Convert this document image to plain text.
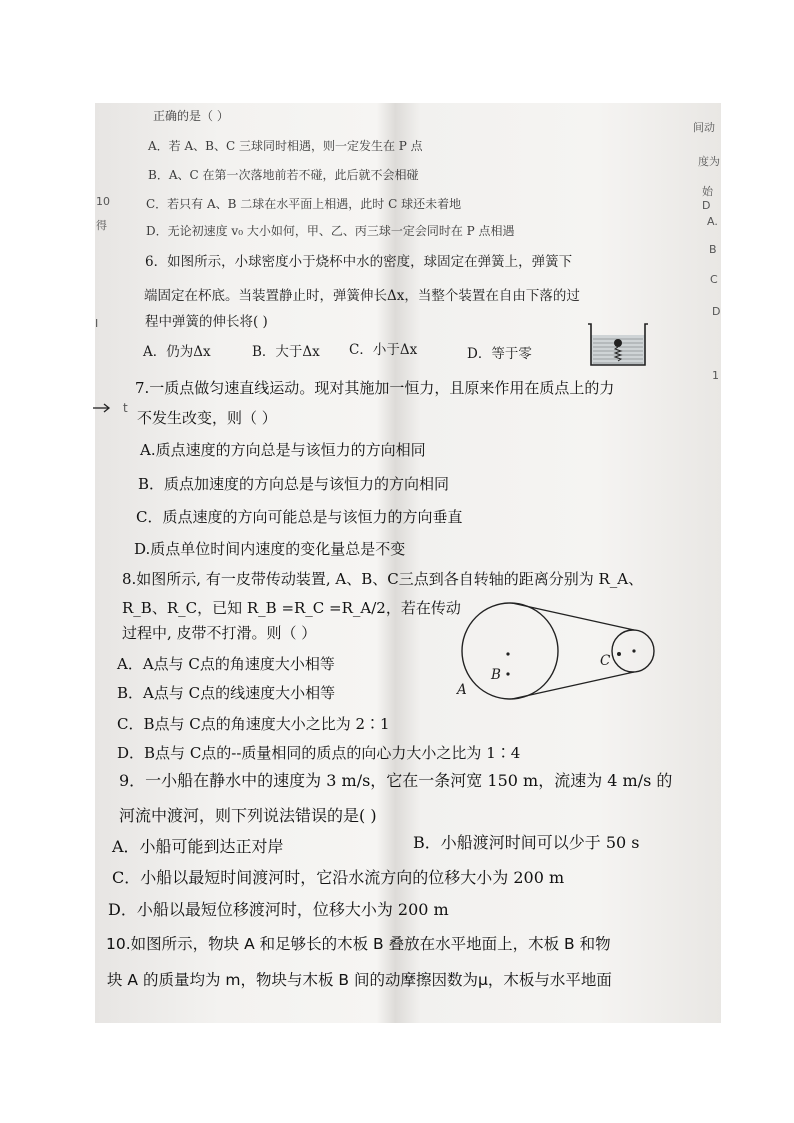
正确的是（ ）
A．若 A、B、C 三球同时相遇，则一定发生在 P 点
B．A、C 在第一次落地前若不碰，此后就不会相碰
C．若只有 A、B 二球在水平面上相遇，此时 C 球还未着地
D．无论初速度 v₀ 大小如何，甲、乙、丙三球一定会同时在 P 点相遇
6．如图所示，小球密度小于烧杯中水的密度，球固定在弹簧上，弹簧下
端固定在杯底。当装置静止时，弹簧伸长Δx，当整个装置在自由下落的过
程中弹簧的伸长将( )
A．仍为Δx	B．大于Δx C．小于Δx	D．等于零
7.一质点做匀速直线运动。现对其施加一恒力，且原来作用在质点上的力
不发生改变，则（ ）
A.质点速度的方向总是与该恒力的方向相同
B．质点加速度的方向总是与该恒力的方向相同
C．质点速度的方向可能总是与该恒力的方向垂直
D.质点单位时间内速度的变化量总是不变
8.如图所示, 有一皮带传动装置, A、B、C三点到各自转轴的距离分别为 R_A、
R_B、R_C，已知 R_B =R_C =R_A/2，若在传动
过程中, 皮带不打滑。则（ ）
A．A点与 C点的角速度大小相等
B．A点与 C点的线速度大小相等
C．B点与 C点的角速度大小之比为 2∶1
D．B点与 C点的--质量相同的质点的向心力大小之比为 1∶4
A
B
C
9．一小船在静水中的速度为 3 m/s，它在一条河宽 150 m，流速为 4 m/s 的
河流中渡河，则下列说法错误的是( )
A．小船可能到达正对岸	B．小船渡河时间可以少于 50 s
C．小船以最短时间渡河时，它沿水流方向的位移大小为 200 m
D．小船以最短位移渡河时，位移大小为 200 m
10.如图所示，物块 A 和足够长的木板 B 叠放在水平地面上，木板 B 和物
块 A 的质量均为 m，物块与木板 B 间的动摩擦因数为μ，木板与水平地面
10
得
I
t
间动
度为
始D
A.
B
C
D
1
